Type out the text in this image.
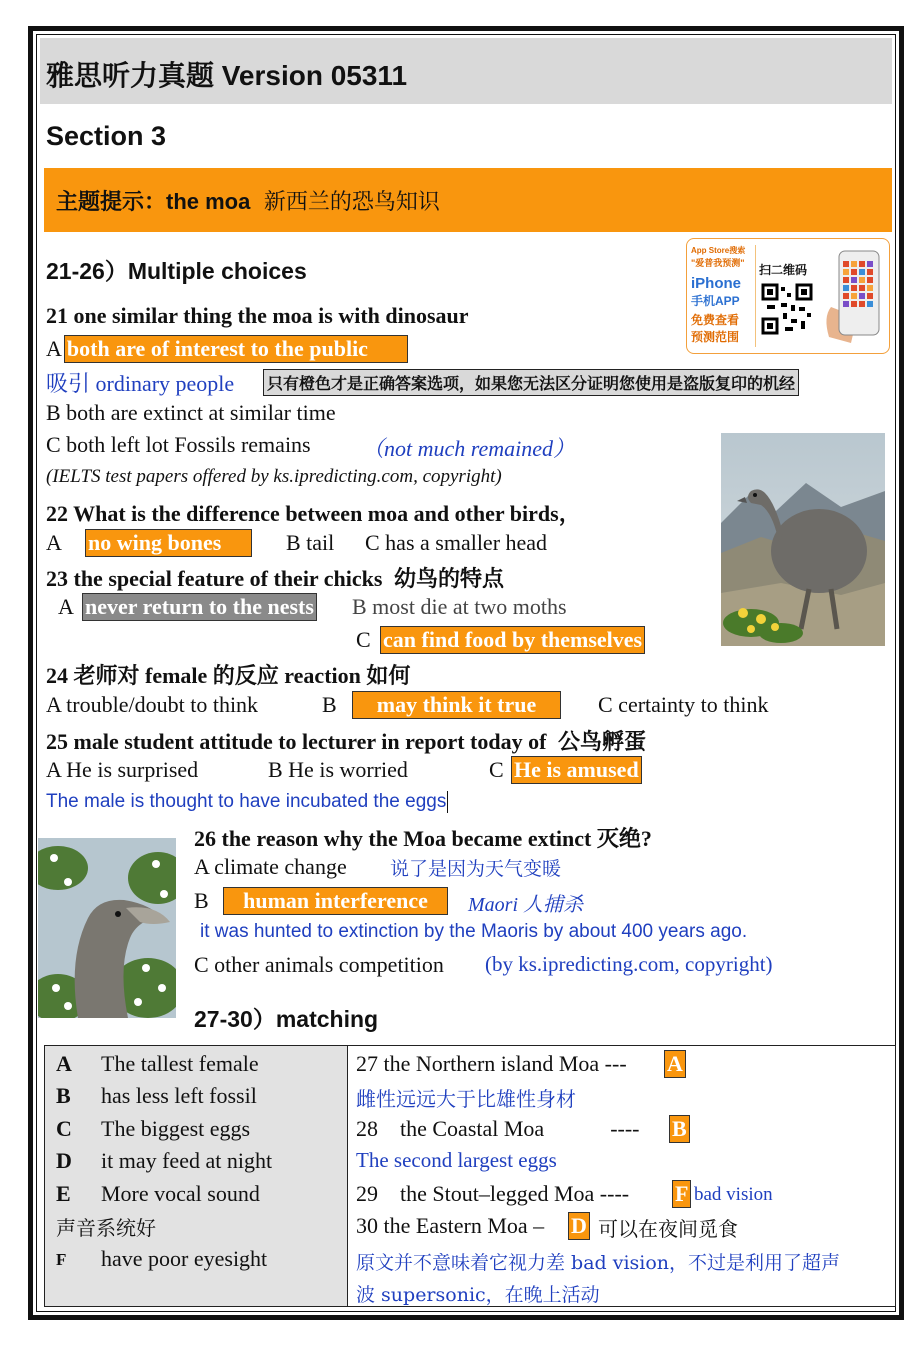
雅思听力真题 Version 05311
Section 3
主题提示：the moa 新西兰的恐鸟知识
21-26）Multiple choices
App Store搜索
"爱普我预测"
iPhone
手机APP
免费查看
预测范围
扫二维码
21 one similar thing the moa is with dinosaur
A both are of interest to the public
吸引 ordinary people 只有橙色才是正确答案选项，如果您无法区分证明您使用是盗版复印的机经
B both are extinct at similar time
C both left lot Fossils remains （not much remained）
(IELTS test papers offered by ks.ipredicting.com, copyright)
22 What is the difference between moa and other birds，
A no wing bones	B tail C has a smaller head
23 the special feature of their chicks 幼鸟的特点
A never return to the nests B most die at two moths
C can find food by themselves
24 老师对 female 的反应 reaction 如何
A trouble/doubt to think	B	may think it true	C certainty to think
25 male student attitude to lecturer in report today of 公鸟孵蛋
A He is surprised	B He is worried	C He is amused
The male is thought to have incubated the eggs
26 the reason why the Moa became extinct 灭绝?
A climate change 说了是因为天气变暖
B	human interference	Maori 人捕杀
it was hunted to extinction by the Maoris by about 400 years ago.
C other animals competition (by ks.ipredicting.com, copyright)
27-30）matching
A The tallest female
B has less left fossil
C The biggest eggs
D it may feed at night
E More vocal sound
声音系统好
F have poor eyesight
27 the Northern island Moa --- A
雌性远远大于比雄性身材
28    the Coastal Moa            ---- B
The second largest eggs
29    the Stout–legged Moa ---- F bad vision
30 the Eastern Moa – D 可以在夜间觅食
原文并不意味着它视力差 bad vision，不过是利用了超声
波 supersonic，在晚上活动
